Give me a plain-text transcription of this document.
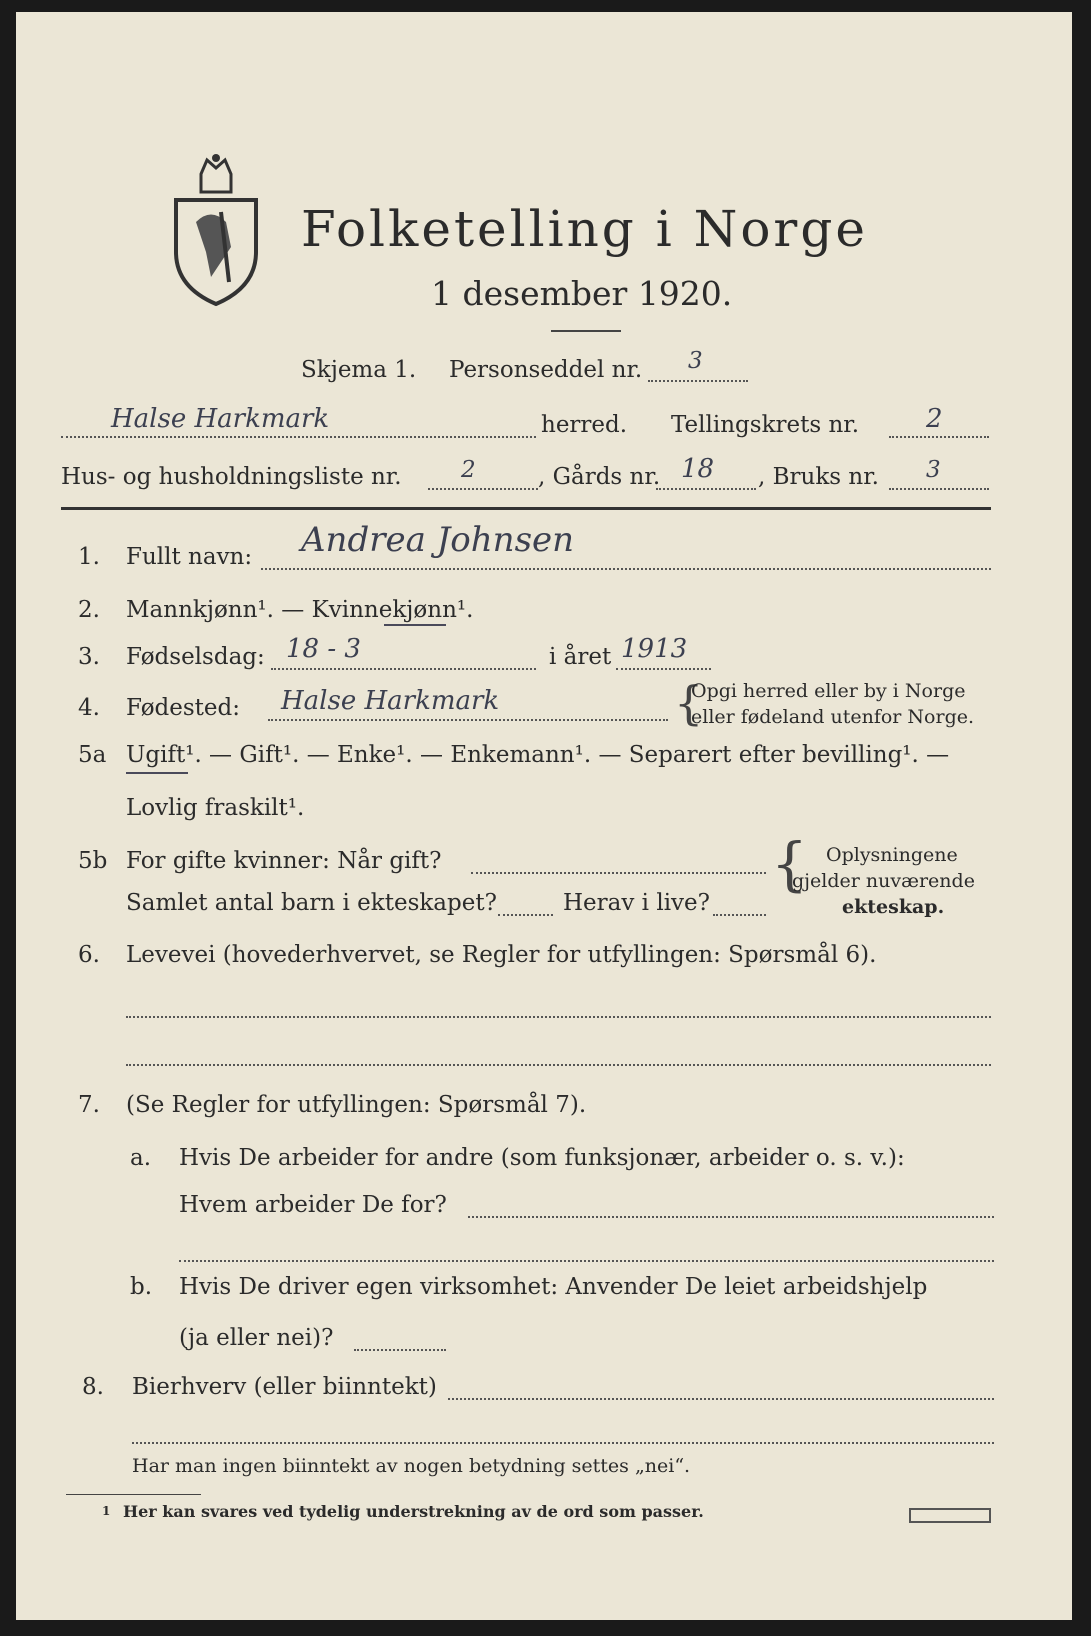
Folketelling i Norge
1 desember 1920.
Skjema 1. Personseddel nr. 3
Halse Harkmark	herred. Tellingskrets nr.	2
Hus- og husholdningsliste nr.	2	, Gårds nr. 18 , Bruks nr. 3
1. Fullt navn: Andrea Johnsen
2. Mannkjønn¹. — Kvinnekjønn¹.
3. Fødselsdag: 18 - 3	i året 1913
4. Fødested: Halse Harkmark	{
Opgi herred eller by i Norge
eller fødeland utenfor Norge.
5a Ugift¹. — Gift¹. — Enke¹. — Enkemann¹. — Separert efter bevilling¹. —
Lovlig fraskilt¹.
5b For gifte kvinner: Når gift?
Samlet antal barn i ekteskapet?	Herav i live?
{ Oplysningene
gjelder nuværende
ekteskap.
6. Levevei (hovederhvervet, se Regler for utfyllingen: Spørsmål 6).
7. (Se Regler for utfyllingen: Spørsmål 7).
a. Hvis De arbeider for andre (som funksjonær, arbeider o. s. v.):
Hvem arbeider De for?
b. Hvis De driver egen virksomhet: Anvender De leiet arbeidshjelp
(ja eller nei)?
8. Bierhverv (eller biinntekt)
Har man ingen biinntekt av nogen betydning settes „nei“.
1 Her kan svares ved tydelig understrekning av de ord som passer.
